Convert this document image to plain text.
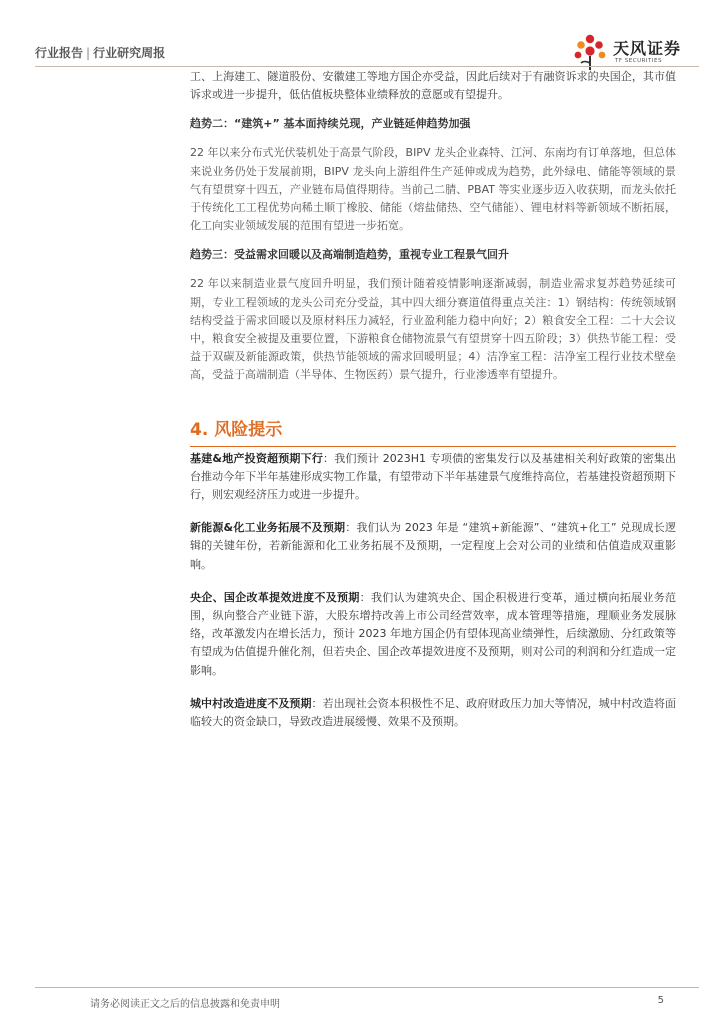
行业报告 | 行业研究周报	天风证券
TF SECURITIES

工、上海建工、隧道股份、安徽建工等地方国企亦受益，因此后续对于有融资诉求的央国企，其市值诉求或进一步提升，低估值板块整体业绩释放的意愿或有望提升。

趋势二：“建筑+” 基本面持续兑现，产业链延伸趋势加强

22 年以来分布式光伏装机处于高景气阶段，BIPV 龙头企业森特、江河、东南均有订单落地，但总体来说业务仍处于发展前期，BIPV 龙头向上游组件生产延伸或成为趋势，此外绿电、储能等领域的景气有望贯穿十四五，产业链布局值得期待。当前己二腈、PBAT 等实业逐步迈入收获期，而龙头依托于传统化工工程优势向稀土顺丁橡胶、储能（熔盐储热、空气储能）、锂电材料等新领域不断拓展，化工向实业领域发展的范围有望进一步拓宽。

趋势三：受益需求回暖以及高端制造趋势，重视专业工程景气回升

22 年以来制造业景气度回升明显，我们预计随着疫情影响逐渐减弱，制造业需求复苏趋势延续可期，专业工程领域的龙头公司充分受益，其中四大细分赛道值得重点关注：1）钢结构：传统领域钢结构受益于需求回暖以及原材料压力减轻，行业盈利能力稳中向好；2）粮食安全工程：二十大会议中，粮食安全被提及重要位置，下游粮食仓储物流景气有望贯穿十四五阶段；3）供热节能工程：受益于双碳及新能源政策，供热节能领域的需求回暖明显；4）洁净室工程：洁净室工程行业技术壁垒高，受益于高端制造（半导体、生物医药）景气提升，行业渗透率有望提升。

4. 风险提示

基建&地产投资超预期下行：我们预计 2023H1 专项债的密集发行以及基建相关利好政策的密集出台推动今年下半年基建形成实物工作量，有望带动下半年基建景气度维持高位，若基建投资超预期下行，则宏观经济压力或进一步提升。

新能源&化工业务拓展不及预期：我们认为 2023 年是 “建筑+新能源”、“建筑+化工” 兑现成长逻辑的关键年份，若新能源和化工业务拓展不及预期，一定程度上会对公司的业绩和估值造成双重影响。

央企、国企改革提效进度不及预期：我们认为建筑央企、国企积极进行变革，通过横向拓展业务范围，纵向整合产业链下游，大股东增持改善上市公司经营效率，成本管理等措施，理顺业务发展脉络，改革激发内在增长活力，预计 2023 年地方国企仍有望体现高业绩弹性，后续激励、分红政策等有望成为估值提升催化剂，但若央企、国企改革提效进度不及预期，则对公司的利润和分红造成一定影响。

城中村改造进度不及预期：若出现社会资本积极性不足、政府财政压力加大等情况，城中村改造将面临较大的资金缺口，导致改造进展缓慢、效果不及预期。

请务必阅读正文之后的信息披露和免责申明	5
